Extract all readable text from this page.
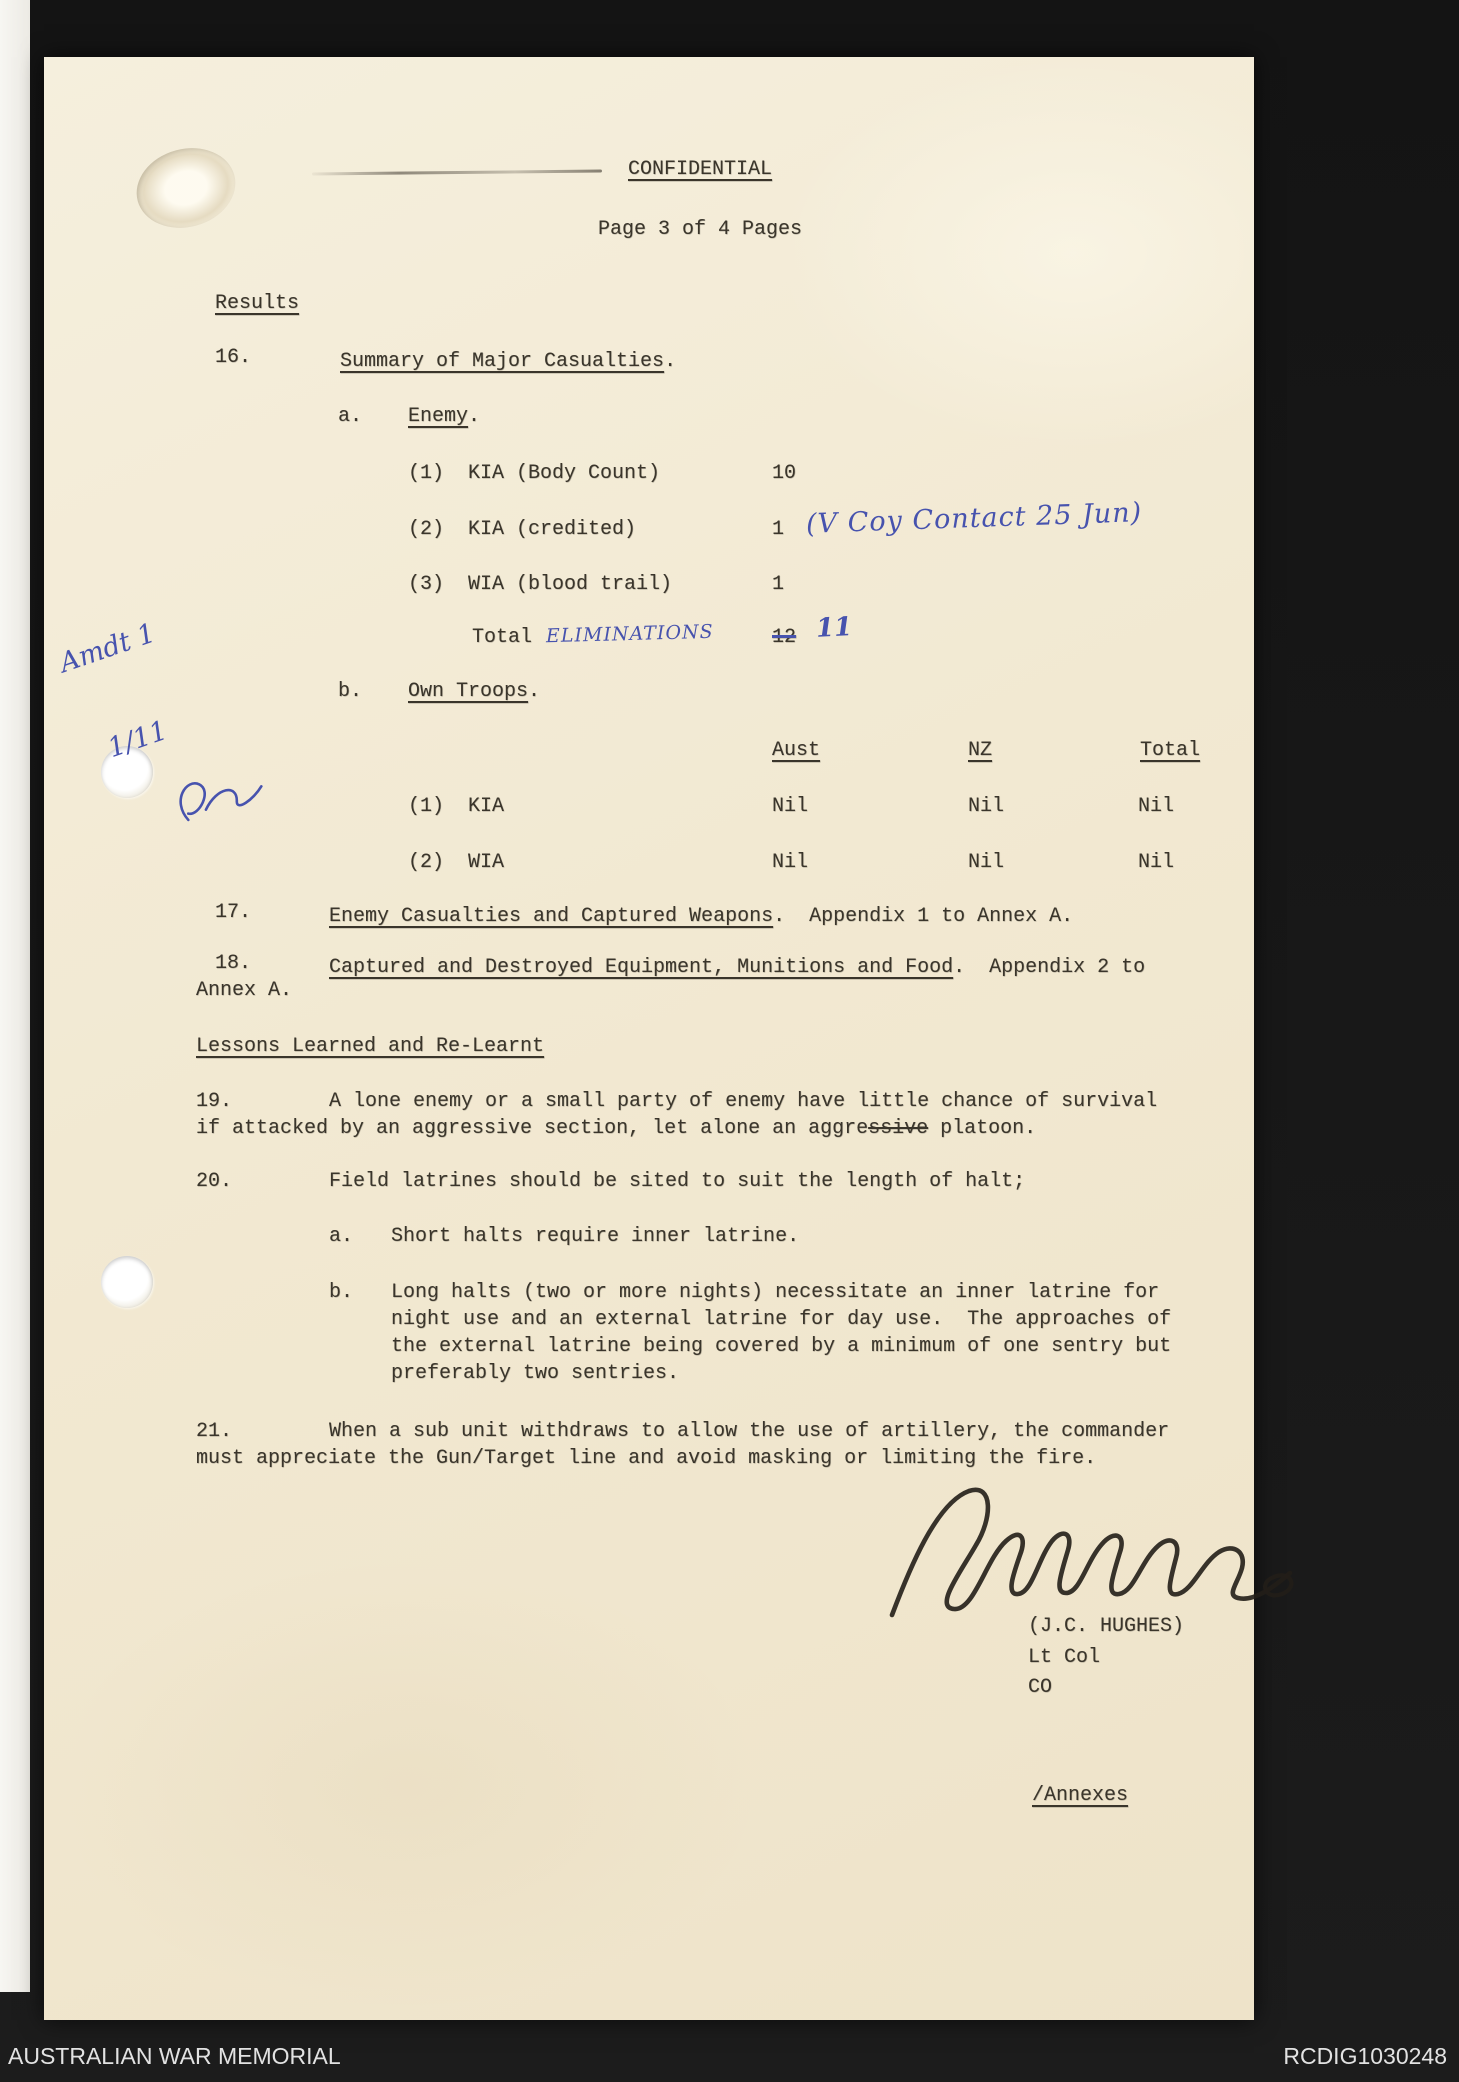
CONFIDENTIAL
Page 3 of 4 Pages
Results
16.	Summary of Major Casualties.
a. Enemy.
(1)  KIA (Body Count)	10
(2)  KIA (credited)	1 (V Coy Contact 25 Jun)
(3)  WIA (blood trail)	1
Total ELIMINATIONS	12 11

Amdt 1

1/11

b. Own Troops.
Aust	NZ	Total
(1)  KIA	Nil	Nil	Nil
(2)  WIA	Nil	Nil	Nil
17.	Enemy Casualties and Captured Weapons.  Appendix 1 to Annex A.
18.	Captured and Destroyed Equipment, Munitions and Food.  Appendix 2 to
Annex A.
Lessons Learned and Re-Learnt
19.	A lone enemy or a small party of enemy have little chance of survival
if attacked by an aggressive section, let alone an aggressive platoon.
20.	Field latrines should be sited to suit the length of halt;
a. Short halts require inner latrine.
b. Long halts (two or more nights) necessitate an inner latrine for
night use and an external latrine for day use.  The approaches of
the external latrine being covered by a minimum of one sentry but
preferably two sentries.
21.	When a sub unit withdraws to allow the use of artillery, the commander
must appreciate the Gun/Target line and avoid masking or limiting the fire.
(J.C. HUGHES)
Lt Col
CO
/Annexes
AUSTRALIAN WAR MEMORIAL	RCDIG1030248
